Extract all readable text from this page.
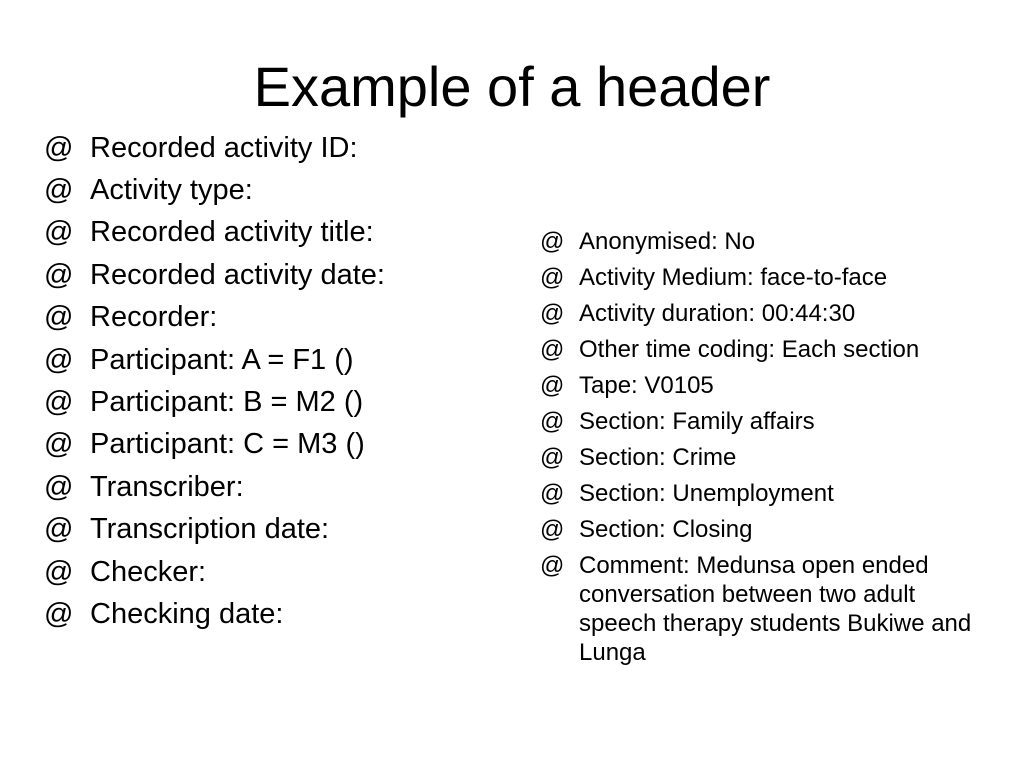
Example of a header
@ Recorded activity ID:
@ Activity type:
@ Recorded activity title:
@ Recorded activity date:
@ Recorder:
@ Participant: A = F1 ()
@ Participant: B = M2 ()
@ Participant: C = M3 ()
@ Transcriber:
@ Transcription date:
@ Checker:
@ Checking date:
@ Anonymised: No
@ Activity Medium: face-to-face
@ Activity duration: 00:44:30
@ Other time coding: Each section
@ Tape: V0105
@ Section: Family affairs
@ Section: Crime
@ Section: Unemployment
@ Section: Closing
@ Comment: Medunsa open ended conversation between two adult speech therapy students Bukiwe and Lunga
